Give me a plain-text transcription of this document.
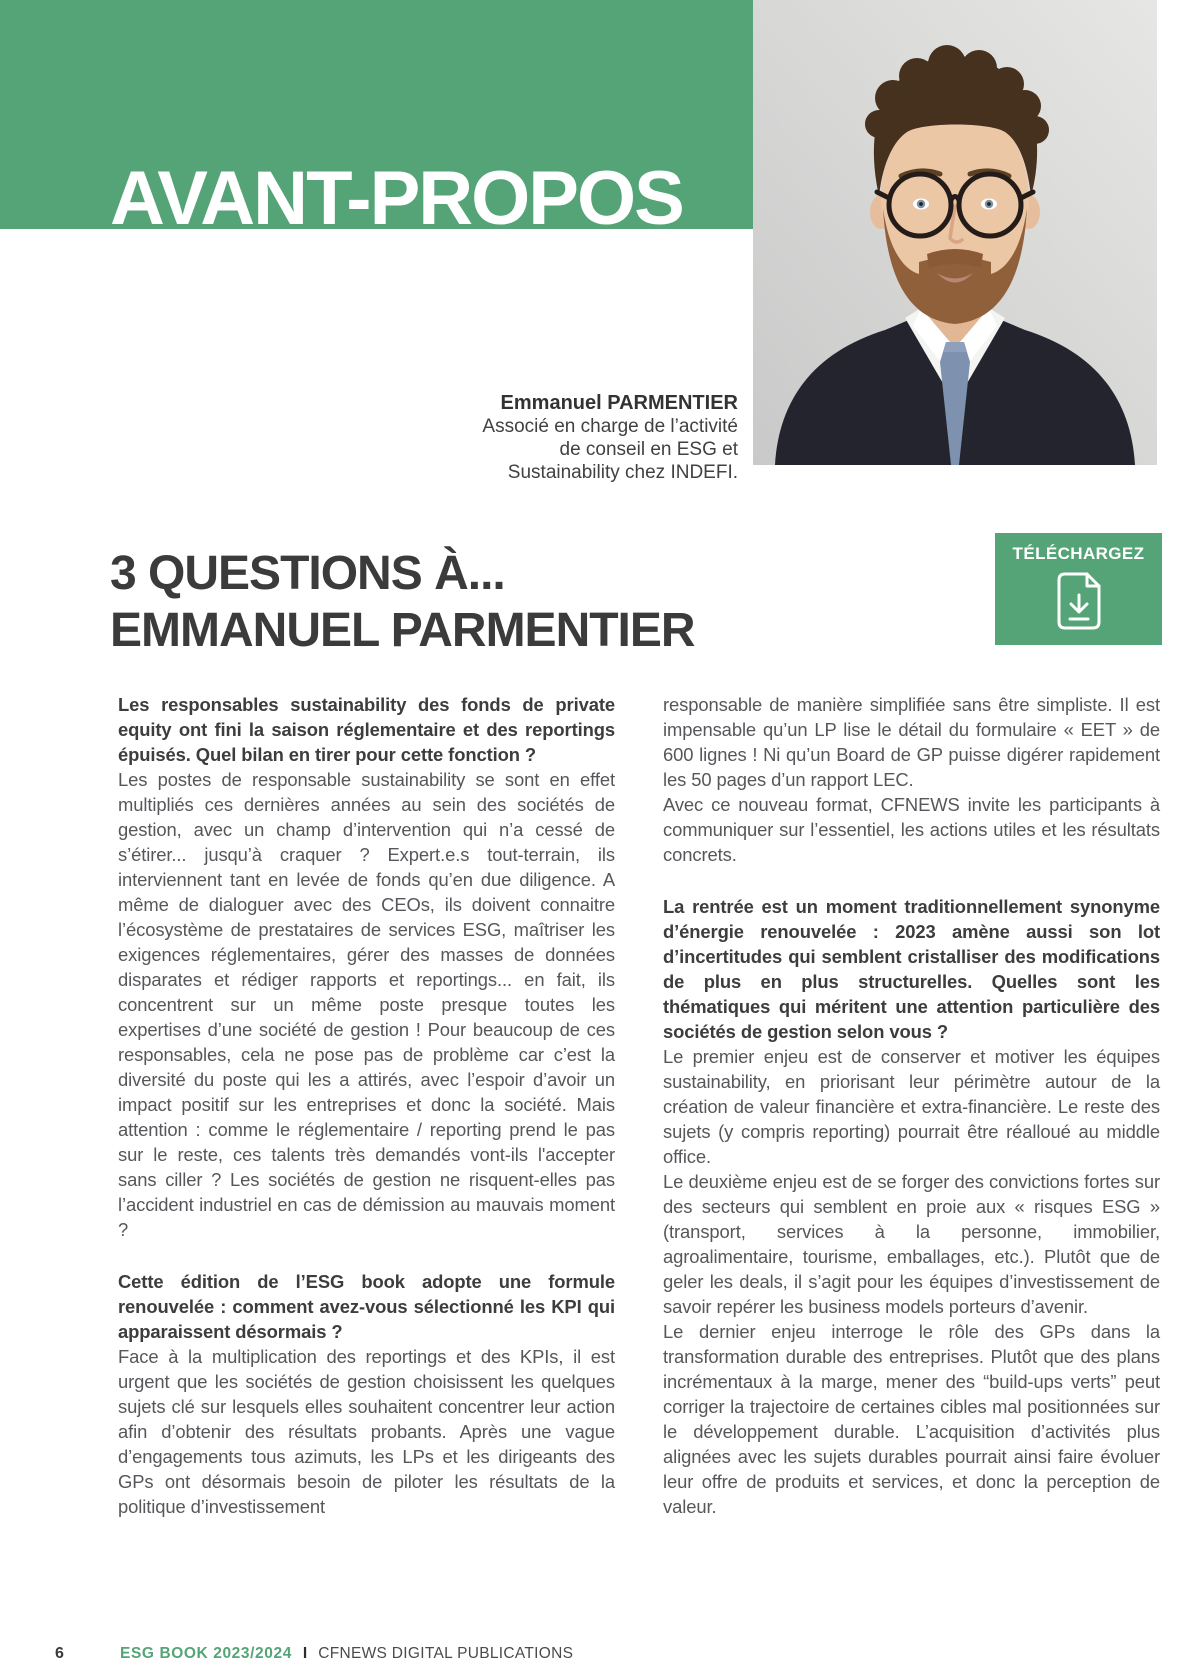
AVANT-PROPOS
Emmanuel PARMENTIER
Associé en charge de l’activité
de conseil en ESG et
Sustainability chez INDEFI.
3 QUESTIONS À...
EMMANUEL PARMENTIER
TÉLÉCHARGEZ

Les responsables sustainability des fonds de private equity ont fini la saison réglementaire et des reportings épuisés. Quel bilan en tirer pour cette fonction ?

Les postes de responsable sustainability se sont en effet multipliés ces dernières années au sein des sociétés de gestion, avec un champ d’intervention qui n’a cessé de s’étirer... jusqu’à craquer ? Expert.e.s tout-terrain, ils interviennent tant en levée de fonds qu’en due diligence. A même de dialoguer avec des CEOs, ils doivent connaitre l’écosystème de prestataires de services ESG, maîtriser les exigences réglementaires, gérer des masses de données disparates et rédiger rapports et reportings... en fait, ils concentrent sur un même poste presque toutes les expertises d’une société de gestion ! Pour beaucoup de ces responsables, cela ne pose pas de problème car c’est la diversité du poste qui les a attirés, avec l’espoir d’avoir un impact positif sur les entreprises et donc la société. Mais attention : comme le réglementaire / reporting prend le pas sur le reste, ces talents très demandés vont-ils l'accepter sans ciller ? Les sociétés de gestion ne risquent-elles pas l’accident industriel en cas de démission au mauvais moment ?

Cette édition de l’ESG book adopte une formule renouvelée : comment avez-vous sélectionné les KPI qui apparaissent désormais ?

Face à la multiplication des reportings et des KPIs, il est urgent que les sociétés de gestion choisissent les quelques sujets clé sur lesquels elles souhaitent concentrer leur action afin d’obtenir des résultats probants. Après une vague d’engagements tous azimuts, les LPs et les dirigeants des GPs ont désormais besoin de piloter les résultats de la politique d’investissement

responsable de manière simplifiée sans être simpliste. Il est impensable qu’un LP lise le détail du formulaire « EET » de 600 lignes ! Ni qu’un Board de GP puisse digérer rapidement les 50 pages d’un rapport LEC.

Avec ce nouveau format, CFNEWS invite les participants à communiquer sur l’essentiel, les actions utiles et les résultats concrets.

La rentrée est un moment traditionnellement synonyme d’énergie renouvelée : 2023 amène aussi son lot d’incertitudes qui semblent cristalliser des modifications de plus en plus structurelles. Quelles sont les thématiques qui méritent une attention particulière des sociétés de gestion selon vous ?

Le premier enjeu est de conserver et motiver les équipes sustainability, en priorisant leur périmètre autour de la création de valeur financière et extra-financière. Le reste des sujets (y compris reporting) pourrait être réalloué au middle office.

Le deuxième enjeu est de se forger des convictions fortes sur des secteurs qui semblent en proie aux « risques ESG » (transport, services à la personne, immobilier, agroalimentaire, tourisme, emballages, etc.). Plutôt que de geler les deals, il s’agit pour les équipes d’investissement de savoir repérer les business models porteurs d’avenir.

Le dernier enjeu interroge le rôle des GPs dans la transformation durable des entreprises. Plutôt que des plans incrémentaux à la marge, mener des “build-ups verts” peut corriger la trajectoire de certaines cibles mal positionnées sur le développement durable. L’acquisition d’activités plus alignées avec les sujets durables pourrait ainsi faire évoluer leur offre de produits et services, et donc la perception de valeur.

6	ESG BOOK 2023/2024 I CFNEWS DIGITAL PUBLICATIONS
